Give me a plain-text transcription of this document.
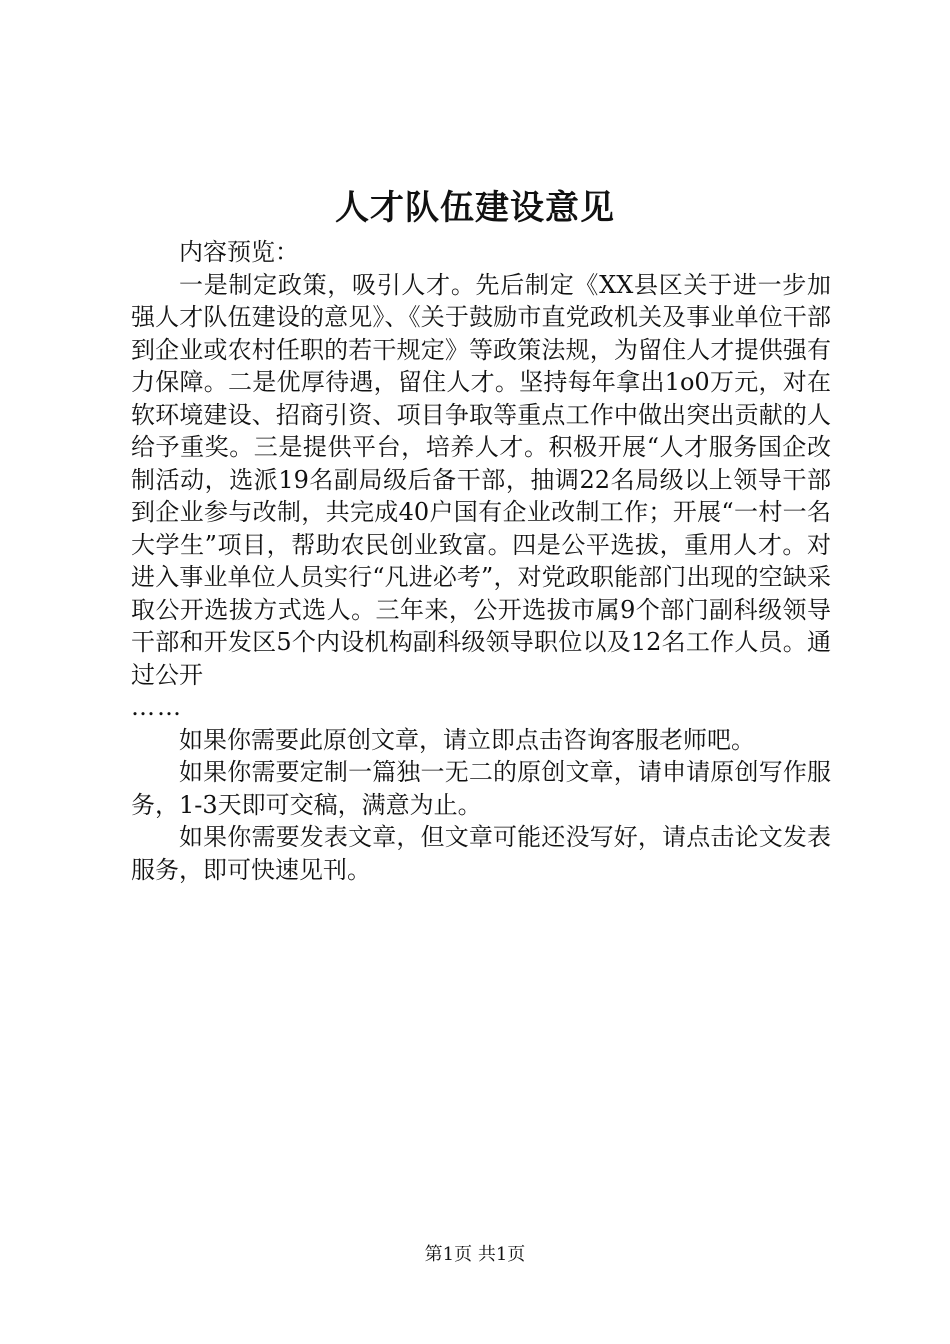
人才队伍建设意见

内容预览：

一是制定政策，吸引人才。先后制定《XX县区关于进一步加强人才队伍建设的意见》、《关于鼓励市直党政机关及事业单位干部到企业或农村任职的若干规定》等政策法规，为留住人才提供强有力保障。二是优厚待遇，留住人才。坚持每年拿出1o0万元，对在软环境建设、招商引资、项目争取等重点工作中做出突出贡献的人给予重奖。三是提供平台，培养人才。积极开展“人才服务国企改制活动，选派19名副局级后备干部，抽调22名局级以上领导干部到企业参与改制，共完成40户国有企业改制工作；开展“一村一名大学生”项目，帮助农民创业致富。四是公平选拔，重用人才。对进入事业单位人员实行“凡进必考”，对党政职能部门出现的空缺采取公开选拔方式选人。三年来，公开选拔市属9个部门副科级领导干部和开发区5个内设机构副科级领导职位以及12名工作人员。通过公开

……

如果你需要此原创文章，请立即点击咨询客服老师吧。

如果你需要定制一篇独一无二的原创文章，请申请原创写作服务，1-3天即可交稿，满意为止。

如果你需要发表文章，但文章可能还没写好，请点击论文发表服务，即可快速见刊。

第1页 共1页
